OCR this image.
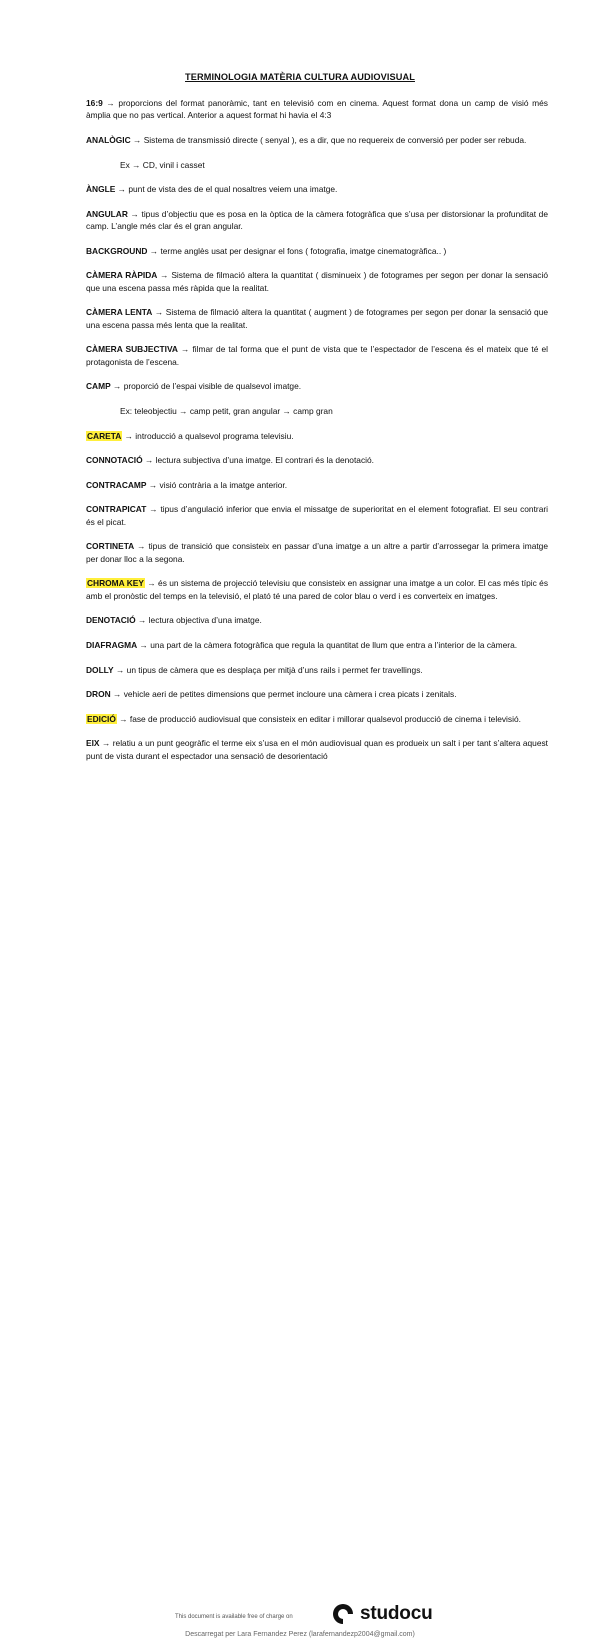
TERMINOLOGIA MATÈRIA CULTURA AUDIOVISUAL
16:9 → proporcions del format panoràmic, tant en televisió com en cinema. Aquest format dona un camp de visió més àmplia que no pas vertical. Anterior a aquest format hi havia el 4:3
ANALÒGIC → Sistema de transmissió directe ( senyal ), es a dir, que no requereix de conversió per poder ser rebuda.
Ex → CD, vinil i casset
ÀNGLE → punt de vista des de el qual nosaltres veiem una imatge.
ANGULAR → tipus d’objectiu que es posa en la òptica de la càmera fotogràfica que s’usa per distorsionar la profunditat de camp. L’angle més clar és el gran angular.
BACKGROUND → terme anglès usat per designar el fons ( fotografia, imatge cinematogràfica.. )
CÀMERA RÀPIDA → Sistema de filmació altera la quantitat ( disminueix ) de fotogrames per segon per donar la sensació que una escena passa més ràpida que la realitat.
CÀMERA LENTA → Sistema de filmació altera la quantitat ( augment ) de fotogrames per segon per donar la sensació que una escena passa més lenta que la realitat.
CÀMERA SUBJECTIVA → filmar de tal forma que el punt de vista que te l’espectador de l’escena és el mateix que té el protagonista de l’escena.
CAMP → proporció de l’espai visible de qualsevol imatge.
Ex: teleobjectiu → camp petit, gran angular → camp gran
CARETA → introducció a qualsevol programa televisiu.
CONNOTACIÓ → lectura subjectiva d’una imatge. El contrari és la denotació.
CONTRACAMP → visió contrària a la imatge anterior.
CONTRAPICAT → tipus d’angulació inferior que envia el missatge de superioritat en el element fotografiat. El seu contrari és el picat.
CORTINETA → tipus de transició que consisteix en passar d’una imatge a un altre a partir d’arrossegar la primera imatge per donar lloc a la segona.
CHROMA KEY → és un sistema de projecció televisiu que consisteix en assignar una imatge a un color. El cas més típic és amb el pronòstic del temps en la televisió, el plató té una pared de color blau o verd i es converteix en imatges.
DENOTACIÓ → lectura objectiva d’una imatge.
DIAFRAGMA → una part de la càmera fotogràfica que regula la quantitat de llum que entra a l’interior de la càmera.
DOLLY → un tipus de càmera que es desplaça per mitjà d’uns rails i permet fer travellings.
DRON → vehicle aeri de petites dimensions que permet incloure una càmera i crea picats i zenitals.
EDICIÓ → fase de producció audiovisual que consisteix en editar i millorar qualsevol producció de cinema i televisió.
EIX → relatiu a un punt geogràfic el terme eix s’usa en el món audiovisual quan es produeix un salt i per tant s’altera aquest punt de vista durant el espectador una sensació de desorientació
This document is available free of charge on	studocu
Descarregat per Lara Fernandez Perez (larafernandezp2004@gmail.com)
